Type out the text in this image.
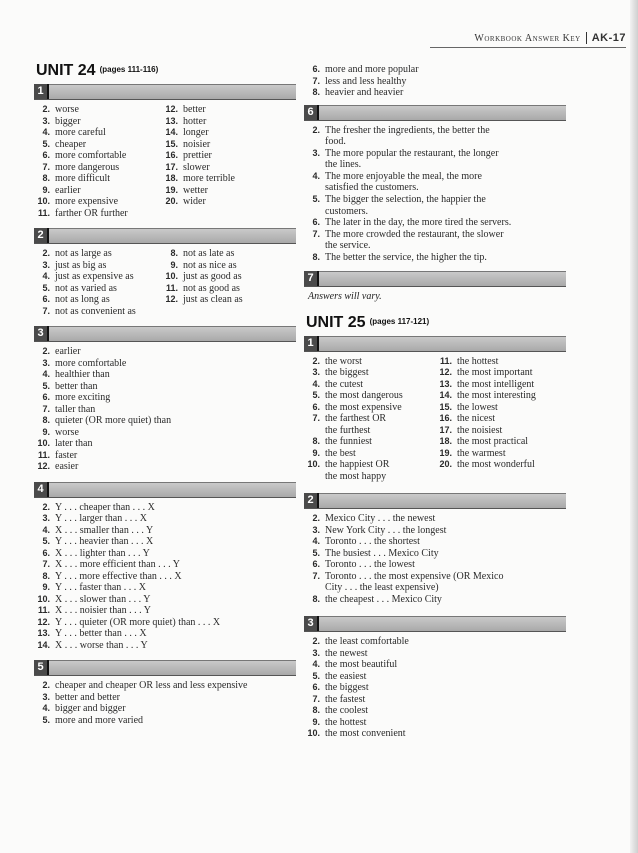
Workbook Answer Key AK-17
UNIT 24 (pages 111-116)
1
2. worse
3. bigger
4. more careful
5. cheaper
6. more comfortable
7. more dangerous
8. more difficult
9. earlier
10. more expensive
11. farther OR further
12. better
13. hotter
14. longer
15. noisier
16. prettier
17. slower
18. more terrible
19. wetter
20. wider
2
2. not as large as
3. just as big as
4. just as expensive as
5. not as varied as
6. not as long as
7. not as convenient as
8. not as late as
9. not as nice as
10. just as good as
11. not as good as
12. just as clean as
3
2. earlier
3. more comfortable
4. healthier than
5. better than
6. more exciting
7. taller than
8. quieter (OR more quiet) than
9. worse
10. later than
11. faster
12. easier
4
2. Y . . . cheaper than . . . X
3. Y . . . larger than . . . X
4. X . . . smaller than . . . Y
5. Y . . . heavier than . . . X
6. X . . . lighter than . . . Y
7. X . . . more efficient than . . . Y
8. Y . . . more effective than . . . X
9. Y . . . faster than . . . X
10. X . . . slower than . . . Y
11. X . . . noisier than . . . Y
12. Y . . . quieter (OR more quiet) than . . . X
13. Y . . . better than . . . X
14. X . . . worse than . . . Y
5
2. cheaper and cheaper OR less and less expensive
3. better and better
4. bigger and bigger
5. more and more varied
6. more and more popular
7. less and less healthy
8. heavier and heavier
6
2. The fresher the ingredients, the better the
food.
3. The more popular the restaurant, the longer
the lines.
4. The more enjoyable the meal, the more
satisfied the customers.
5. The bigger the selection, the happier the
customers.
6. The later in the day, the more tired the servers.
7. The more crowded the restaurant, the slower
the service.
8. The better the service, the higher the tip.
7
Answers will vary.
UNIT 25 (pages 117-121)
1
2. the worst
3. the biggest
4. the cutest
5. the most dangerous
6. the most expensive
7. the farthest OR
the furthest
8. the funniest
9. the best
10. the happiest OR
the most happy
11. the hottest
12. the most important
13. the most intelligent
14. the most interesting
15. the lowest
16. the nicest
17. the noisiest
18. the most practical
19. the warmest
20. the most wonderful
2
2. Mexico City . . . the newest
3. New York City . . . the longest
4. Toronto . . . the shortest
5. The busiest . . . Mexico City
6. Toronto . . . the lowest
7. Toronto . . . the most expensive (OR Mexico
City . . . the least expensive)
8. the cheapest . . . Mexico City
3
2. the least comfortable
3. the newest
4. the most beautiful
5. the easiest
6. the biggest
7. the fastest
8. the coolest
9. the hottest
10. the most convenient
